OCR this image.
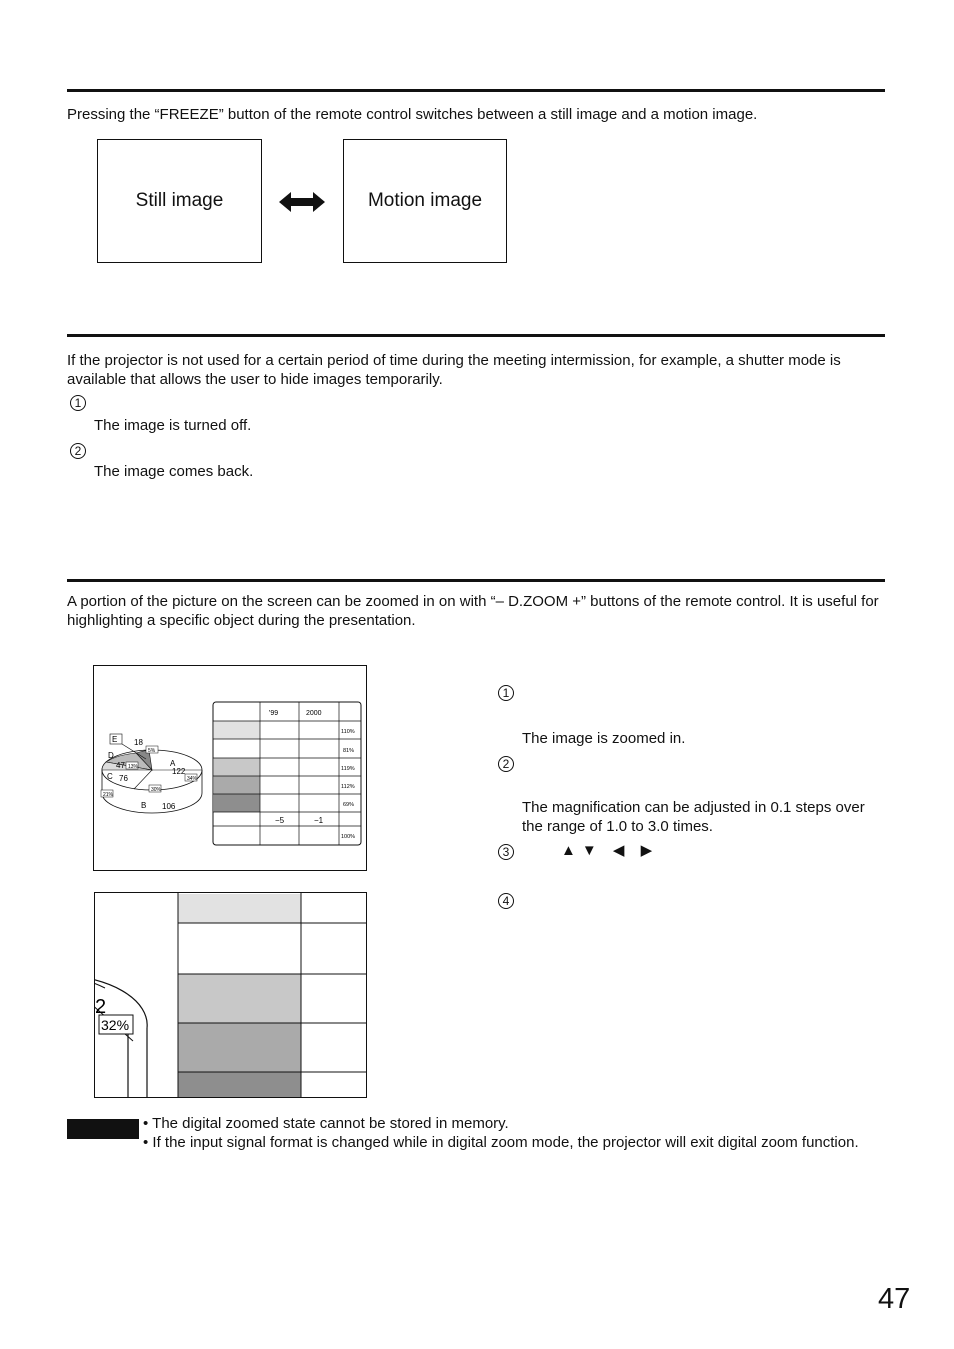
Pressing the “FREEZE” button of the remote control switches between a still image and a motion image.

Still image	Motion image

If the projector is not used for a certain period of time during the meeting intermission, for example, a shutter mode is available that allows the user to hide images temporarily.

1

The image is turned off.

2

The image comes back.

A portion of the picture on the screen can be zoomed in on with “– D.ZOOM +” buttons of the remote control. It is useful for highlighting a specific object during the presentation.

E 18
D
A
122
47
C 76
B 106
5%
13%
34%
21%
30%
'99	2000
110%
81%
119%
112%
69%
100%
−5	−1
2
32%
1

The image is zoomed in.

2

The magnification can be adjusted in 0.1 steps over the range of 1.0 to 3.0 times.

3	▲▼ ◀ ▶
4
• The digital zoomed state cannot be stored in memory.
• If the input signal format is changed while in digital zoom mode, the projector will exit digital zoom function.
47
